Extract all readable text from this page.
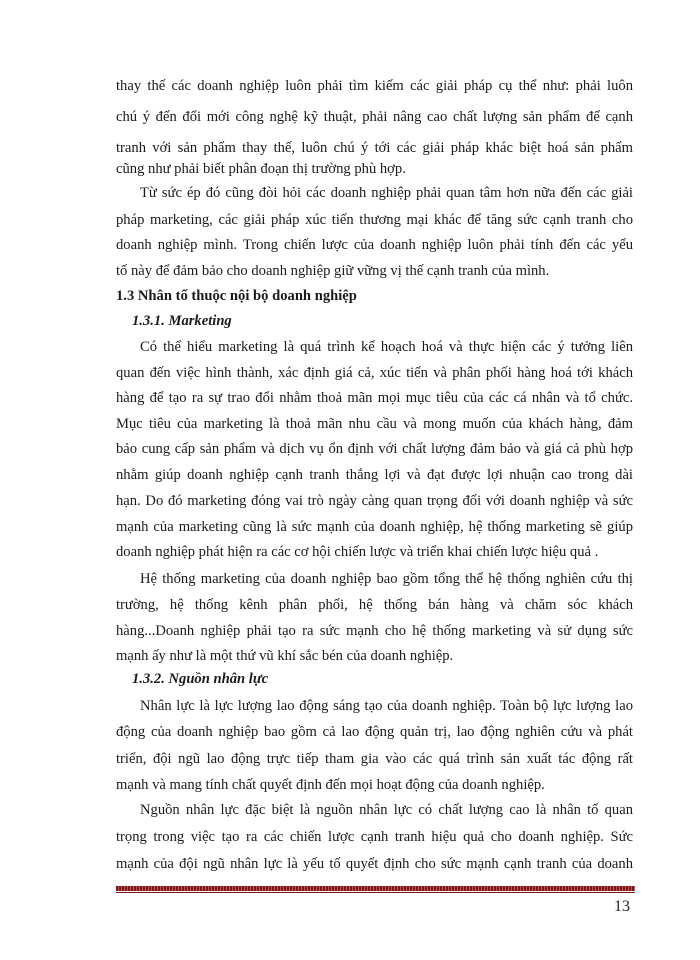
thay thế các doanh nghiệp luôn phải tìm kiếm các giải pháp cụ thể như: phải luôn
chú ý đến đổi mới công nghệ kỹ thuật, phải nâng cao chất lượng sản phẩm để cạnh
tranh với sản phẩm thay thế, luôn chú ý tới các giải pháp khác biệt hoá sản phẩm
cũng như phải biết phân đoạn thị trường phù hợp.
Từ sức ép đó cũng đòi hỏi các doanh nghiệp phải quan tâm hơn nữa đến các giải
pháp marketing, các giải pháp xúc tiến thương mại khác để tăng sức cạnh tranh cho
doanh nghiệp mình. Trong chiến lược của doanh nghiệp luôn phải tính đến các yếu
tố này để đảm bảo cho doanh nghiệp giữ vững vị thế cạnh tranh của mình.
1.3 Nhân tố thuộc nội bộ doanh nghiệp
1.3.1. Marketing
Có thể hiểu marketing là quá trình kế hoạch hoá và thực hiện các ý tưởng liên
quan đến việc hình thành, xác định giá cả, xúc tiến và phân phối hàng hoá tới khách
hàng để tạo ra sự trao đổi nhằm thoả mãn mọi mục tiêu của các cá nhân và tổ chức.
Mục tiêu của marketing là thoả mãn nhu cầu và mong muốn của khách hàng, đảm
bảo cung cấp sản phẩm và dịch vụ ổn định với chất lượng đảm bảo và giá cả phù hợp
nhằm giúp doanh nghiệp cạnh tranh thắng lợi và đạt được lợi nhuận cao trong dài
hạn. Do đó marketing đóng vai trò ngày càng quan trọng đối với doanh nghiệp và sức
mạnh của marketing cũng là sức mạnh của doanh nghiệp, hệ thống marketing sẽ giúp
doanh nghiệp phát hiện ra các cơ hội chiến lược và triển khai chiến lược hiệu quả .
Hệ thống marketing của doanh nghiệp bao gồm tổng thể hệ thống nghiên cứu thị
trường, hệ thống kênh phân phối, hệ thống bán hàng và chăm sóc khách
hàng...Doanh nghiệp phải tạo ra sức mạnh cho hệ thống marketing và sử dụng sức
mạnh ấy như là một thứ vũ khí sắc bén của doanh nghiệp.
1.3.2. Nguồn nhân lực
Nhân lực là lực lượng lao động sáng tạo của doanh nghiệp. Toàn bộ lực lượng lao
động của doanh nghiệp bao gồm cả lao động quản trị, lao động nghiên cứu và phát
triển, đội ngũ lao động trực tiếp tham gia vào các quá trình sản xuất tác động rất
mạnh và mang tính chất quyết định đến mọi hoạt động của doanh nghiệp.
Nguồn nhân lực đặc biệt là nguồn nhân lực có chất lượng cao là nhân tố quan
trọng trong việc tạo ra các chiến lược cạnh tranh hiệu quả cho doanh nghiệp. Sức
mạnh của đội ngũ nhân lực là yếu tố quyết định cho sức mạnh cạnh tranh của doanh
13
